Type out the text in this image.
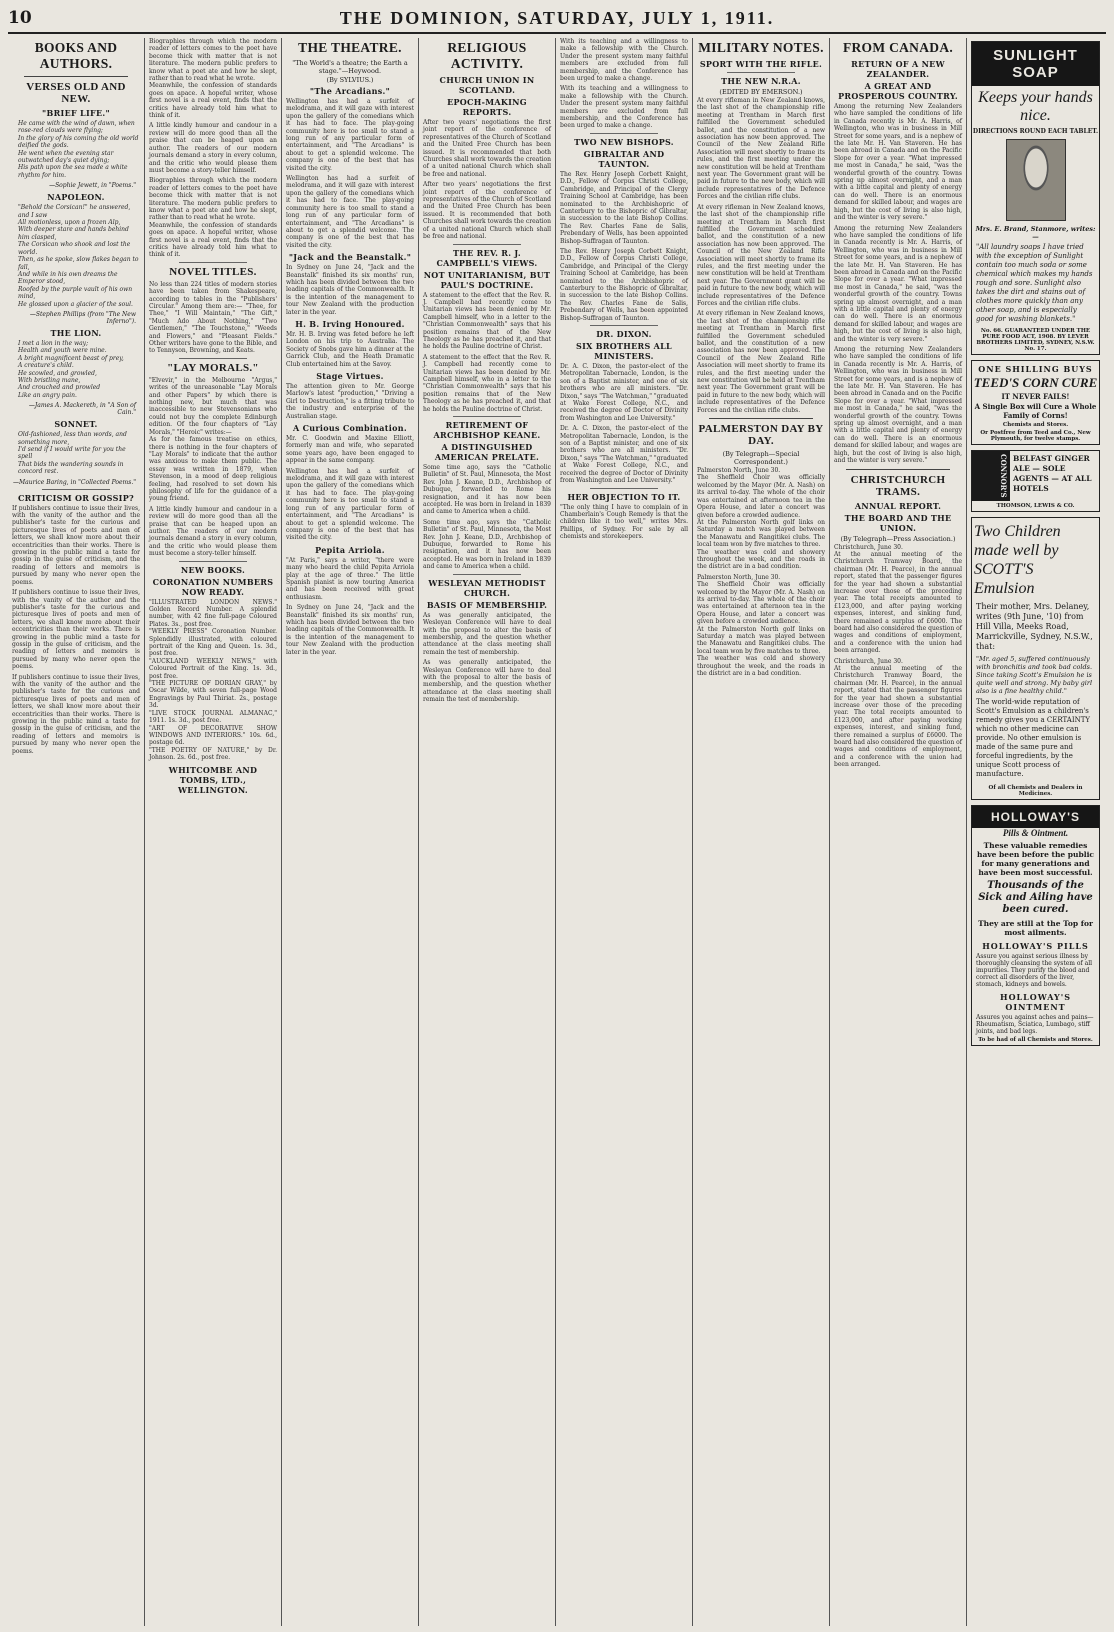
10	THE DOMINION, SATURDAY, JULY 1, 1911.
BOOKS AND AUTHORS.
VERSES OLD AND NEW.
"BRIEF LIFE."
He came with the wind of dawn, when rose-red clouds were flying;
In the glory of his coming the old world deified the gods.
He went when the evening star outwatched day's quiet dying;
His path upon the sea made a white rhythm for him.
—Sophie Jewett, in "Poems."
NAPOLEON.
"Behold the Corsican!" he answered, and I saw
All motionless, upon a frozen Alp,
With deeper stare and hands behind him clasped,
The Corsican who shook and lost the world.
Then, as he spoke, slow flakes began to fall,
And while in his own dreams the Emperor stood,
Roofed by the purple vault of his own mind,
He glossed upon a glacier of the soul.
—Stephen Phillips (from "The New Inferno").
THE LION.
I met a lion in the way;
Health and youth were mine.
A bright magnificent beast of prey,
A creature's child.
He scowled, and growled,
With bristling mane,
And crouched and prowled
Like an angry pain.
—James A. Mackereth, in "A Son of Cain."
SONNET.
Old-fashioned, less than words, and something more,
I'd send if I would write for you the spell
That bids the wandering sounds in concord rest.
—Maurice Baring, in "Collected Poems."
CRITICISM OR GOSSIP?
If publishers continue to issue their lives, with the vanity of the author and the publisher's taste for the curious and picturesque lives of poets and men of letters, we shall know more about their eccentricities than their works. There is growing in the public mind a taste for gossip in the guise of criticism, and the reading of letters and memoirs is pursued by many who never open the poems.
If publishers continue to issue their lives, with the vanity of the author and the publisher's taste for the curious and picturesque lives of poets and men of letters, we shall know more about their eccentricities than their works. There is growing in the public mind a taste for gossip in the guise of criticism, and the reading of letters and memoirs is pursued by many who never open the poems.
If publishers continue to issue their lives, with the vanity of the author and the publisher's taste for the curious and picturesque lives of poets and men of letters, we shall know more about their eccentricities than their works. There is growing in the public mind a taste for gossip in the guise of criticism, and the reading of letters and memoirs is pursued by many who never open the poems.
Biographies through which the modern reader of letters comes to the poet have become thick with matter that is not literature. The modern public prefers to know what a poet ate and how he slept, rather than to read what he wrote.
Meanwhile, the confession of standards goes on apace. A hopeful writer, whose first novel is a real event, finds that the critics have already told him what to think of it.
A little kindly humour and candour in a review will do more good than all the praise that can be heaped upon an author. The readers of our modern journals demand a story in every column, and the critic who would please them must become a story-teller himself.
Biographies through which the modern reader of letters comes to the poet have become thick with matter that is not literature. The modern public prefers to know what a poet ate and how he slept, rather than to read what he wrote.
Meanwhile, the confession of standards goes on apace. A hopeful writer, whose first novel is a real event, finds that the critics have already told him what to think of it.
NOVEL TITLES.
No less than 224 titles of modern stories have been taken from Shakespeare, according to tables in the "Publishers' Circular." Among them are:— "Thee, for Thee," "I Will Maintain," "The Gift," "Much Ado About Nothing," "Two Gentlemen," "The Touchstone," "Weeds and Flowers," and "Pleasant Fields." Other writers have gone to the Bible, and to Tennyson, Browning, and Keats.
"LAY MORALS."
"Elvevir," in the Melbourne "Argus," writes of the unreasonable "Lay Morals and other Papers" by which there is nothing new, but much that was inaccessible to new Stevensonians who could not buy the complete Edinburgh edition. Of the four chapters of "Lay Morals," "Heroic" writes:—
As for the famous treatise on ethics, there is nothing in the four chapters of "Lay Morals" to indicate that the author was anxious to make them public. The essay was written in 1879, when Stevenson, in a mood of deep religious feeling, had resolved to set down his philosophy of life for the guidance of a young friend.
A little kindly humour and candour in a review will do more good than all the praise that can be heaped upon an author. The readers of our modern journals demand a story in every column, and the critic who would please them must become a story-teller himself.
NEW BOOKS.
CORONATION NUMBERS NOW READY.
"ILLUSTRATED LONDON NEWS." Golden Record Number. A splendid number, with 42 fine full-page Coloured Plates. 3s., post free.
"WEEKLY PRESS" Coronation Number. Splendidly illustrated, with coloured portrait of the King and Queen. 1s. 3d., post free.
"AUCKLAND WEEKLY NEWS," with Coloured Portrait of the King. 1s. 3d., post free.
"THE PICTURE OF DORIAN GRAY," by Oscar Wilde, with seven full-page Wood Engravings by Paul Thiriat. 2s., postage 3d.
"LIVE STOCK JOURNAL ALMANAC," 1911. 1s. 3d., post free.
"ART OF DECORATIVE SHOW WINDOWS AND INTERIORS." 10s. 6d., postage 6d.
"THE POETRY OF NATURE," by Dr. Johnson. 2s. 6d., post free.
WHITCOMBE AND TOMBS, LTD., WELLINGTON.
THE THEATRE.
"The World's a theatre; the Earth a stage."—Heywood.
(By SYLVIUS.)
"The Arcadians."
Wellington has had a surfeit of melodrama, and it will gaze with interest upon the gallery of the comedians which it has had to face. The play-going community here is too small to stand a long run of any particular form of entertainment, and "The Arcadians" is about to get a splendid welcome. The company is one of the best that has visited the city.
Wellington has had a surfeit of melodrama, and it will gaze with interest upon the gallery of the comedians which it has had to face. The play-going community here is too small to stand a long run of any particular form of entertainment, and "The Arcadians" is about to get a splendid welcome. The company is one of the best that has visited the city.
"Jack and the Beanstalk."
In Sydney on June 24, "Jack and the Beanstalk" finished its six months' run, which has been divided between the two leading capitals of the Commonwealth. It is the intention of the management to tour New Zealand with the production later in the year.
H. B. Irving Honoured.
Mr. H. B. Irving was feted before he left London on his trip to Australia. The Society of Snobs gave him a dinner at the Garrick Club, and the Heath Dramatic Club entertained him at the Savoy.
Stage Virtues.
The attention given to Mr. George Marlow's latest "production," "Driving a Girl to Destruction," is a fitting tribute to the industry and enterprise of the Australian stage.
A Curious Combination.
Mr. C. Goodwin and Maxine Elliott, formerly man and wife, who separated some years ago, have been engaged to appear in the same company.
Wellington has had a surfeit of melodrama, and it will gaze with interest upon the gallery of the comedians which it has had to face. The play-going community here is too small to stand a long run of any particular form of entertainment, and "The Arcadians" is about to get a splendid welcome. The company is one of the best that has visited the city.
Pepita Arriola.
"At Paris," says a writer, "there were many who heard the child Pepita Arriola play at the age of three." The little Spanish pianist is now touring America and has been received with great enthusiasm.
In Sydney on June 24, "Jack and the Beanstalk" finished its six months' run, which has been divided between the two leading capitals of the Commonwealth. It is the intention of the management to tour New Zealand with the production later in the year.
RELIGIOUS ACTIVITY.
CHURCH UNION IN SCOTLAND.
EPOCH-MAKING REPORTS.
After two years' negotiations the first joint report of the conference of representatives of the Church of Scotland and the United Free Church has been issued. It is recommended that both Churches shall work towards the creation of a united national Church which shall be free and national.
After two years' negotiations the first joint report of the conference of representatives of the Church of Scotland and the United Free Church has been issued. It is recommended that both Churches shall work towards the creation of a united national Church which shall be free and national.
THE REV. R. J. CAMPBELL'S VIEWS.
NOT UNITARIANISM, BUT PAUL'S DOCTRINE.
A statement to the effect that the Rev. R. J. Campbell had recently come to Unitarian views has been denied by Mr. Campbell himself, who in a letter to the "Christian Commonwealth" says that his position remains that of the New Theology as he has preached it, and that he holds the Pauline doctrine of Christ.
A statement to the effect that the Rev. R. J. Campbell had recently come to Unitarian views has been denied by Mr. Campbell himself, who in a letter to the "Christian Commonwealth" says that his position remains that of the New Theology as he has preached it, and that he holds the Pauline doctrine of Christ.
RETIREMENT OF ARCHBISHOP KEANE.
A DISTINGUISHED AMERICAN PRELATE.
Some time ago, says the "Catholic Bulletin" of St. Paul, Minnesota, the Most Rev. John J. Keane, D.D., Archbishop of Dubuque, forwarded to Rome his resignation, and it has now been accepted. He was born in Ireland in 1839 and came to America when a child.
Some time ago, says the "Catholic Bulletin" of St. Paul, Minnesota, the Most Rev. John J. Keane, D.D., Archbishop of Dubuque, forwarded to Rome his resignation, and it has now been accepted. He was born in Ireland in 1839 and came to America when a child.
WESLEYAN METHODIST CHURCH.
BASIS OF MEMBERSHIP.
As was generally anticipated, the Wesleyan Conference will have to deal with the proposal to alter the basis of membership, and the question whether attendance at the class meeting shall remain the test of membership.
As was generally anticipated, the Wesleyan Conference will have to deal with the proposal to alter the basis of membership, and the question whether attendance at the class meeting shall remain the test of membership.
With its teaching and a willingness to make a fellowship with the Church. Under the present system many faithful members are excluded from full membership, and the Conference has been urged to make a change.
With its teaching and a willingness to make a fellowship with the Church. Under the present system many faithful members are excluded from full membership, and the Conference has been urged to make a change.
TWO NEW BISHOPS.
GIBRALTAR AND TAUNTON.
The Rev. Henry Joseph Corbett Knight, D.D., Fellow of Corpus Christi College, Cambridge, and Principal of the Clergy Training School at Cambridge, has been nominated to the Archbishopric of Canterbury to the Bishopric of Gibraltar, in succession to the late Bishop Collins. The Rev. Charles Fane de Salis, Prebendary of Wells, has been appointed Bishop-Suffragan of Taunton.
The Rev. Henry Joseph Corbett Knight, D.D., Fellow of Corpus Christi College, Cambridge, and Principal of the Clergy Training School at Cambridge, has been nominated to the Archbishopric of Canterbury to the Bishopric of Gibraltar, in succession to the late Bishop Collins. The Rev. Charles Fane de Salis, Prebendary of Wells, has been appointed Bishop-Suffragan of Taunton.
DR. DIXON.
SIX BROTHERS ALL MINISTERS.
Dr. A. C. Dixon, the pastor-elect of the Metropolitan Tabernacle, London, is the son of a Baptist minister, and one of six brothers who are all ministers. "Dr. Dixon," says "The Watchman," "graduated at Wake Forest College, N.C., and received the degree of Doctor of Divinity from Washington and Lee University."
Dr. A. C. Dixon, the pastor-elect of the Metropolitan Tabernacle, London, is the son of a Baptist minister, and one of six brothers who are all ministers. "Dr. Dixon," says "The Watchman," "graduated at Wake Forest College, N.C., and received the degree of Doctor of Divinity from Washington and Lee University."
HER OBJECTION TO IT.
"The only thing I have to complain of in Chamberlain's Cough Remedy is that the children like it too well," writes Mrs. Phillips, of Sydney. For sale by all chemists and storekeepers.
MILITARY NOTES.
SPORT WITH THE RIFLE.
THE NEW N.R.A.
(EDITED BY EMERSON.)
At every rifleman in New Zealand knows, the last shot of the championship rifle meeting at Trentham in March first fulfilled the Government scheduled ballot, and the constitution of a new association has now been approved. The Council of the New Zealand Rifle Association will meet shortly to frame its rules, and the first meeting under the new constitution will be held at Trentham next year. The Government grant will be paid in future to the new body, which will include representatives of the Defence Forces and the civilian rifle clubs.
At every rifleman in New Zealand knows, the last shot of the championship rifle meeting at Trentham in March first fulfilled the Government scheduled ballot, and the constitution of a new association has now been approved. The Council of the New Zealand Rifle Association will meet shortly to frame its rules, and the first meeting under the new constitution will be held at Trentham next year. The Government grant will be paid in future to the new body, which will include representatives of the Defence Forces and the civilian rifle clubs.
At every rifleman in New Zealand knows, the last shot of the championship rifle meeting at Trentham in March first fulfilled the Government scheduled ballot, and the constitution of a new association has now been approved. The Council of the New Zealand Rifle Association will meet shortly to frame its rules, and the first meeting under the new constitution will be held at Trentham next year. The Government grant will be paid in future to the new body, which will include representatives of the Defence Forces and the civilian rifle clubs.
PALMERSTON DAY BY DAY.
(By Telegraph—Special Correspondent.)
Palmerston North, June 30.
The Sheffield Choir was officially welcomed by the Mayor (Mr. A. Nash) on its arrival to-day. The whole of the choir was entertained at afternoon tea in the Opera House, and later a concert was given before a crowded audience.
At the Palmerston North golf links on Saturday a match was played between the Manawatu and Rangitikei clubs. The local team won by five matches to three.
The weather was cold and showery throughout the week, and the roads in the district are in a bad condition.
Palmerston North, June 30.
The Sheffield Choir was officially welcomed by the Mayor (Mr. A. Nash) on its arrival to-day. The whole of the choir was entertained at afternoon tea in the Opera House, and later a concert was given before a crowded audience.
At the Palmerston North golf links on Saturday a match was played between the Manawatu and Rangitikei clubs. The local team won by five matches to three.
The weather was cold and showery throughout the week, and the roads in the district are in a bad condition.
FROM CANADA.
RETURN OF A NEW ZEALANDER.
A GREAT AND PROSPEROUS COUNTRY.
Among the returning New Zealanders who have sampled the conditions of life in Canada recently is Mr. A. Harris, of Wellington, who was in business in Mill Street for some years, and is a nephew of the late Mr. H. Van Staveren. He has been abroad in Canada and on the Pacific Slope for over a year. "What impressed me most in Canada," he said, "was the wonderful growth of the country. Towns spring up almost overnight, and a man with a little capital and plenty of energy can do well. There is an enormous demand for skilled labour, and wages are high, but the cost of living is also high, and the winter is very severe."
Among the returning New Zealanders who have sampled the conditions of life in Canada recently is Mr. A. Harris, of Wellington, who was in business in Mill Street for some years, and is a nephew of the late Mr. H. Van Staveren. He has been abroad in Canada and on the Pacific Slope for over a year. "What impressed me most in Canada," he said, "was the wonderful growth of the country. Towns spring up almost overnight, and a man with a little capital and plenty of energy can do well. There is an enormous demand for skilled labour, and wages are high, but the cost of living is also high, and the winter is very severe."
Among the returning New Zealanders who have sampled the conditions of life in Canada recently is Mr. A. Harris, of Wellington, who was in business in Mill Street for some years, and is a nephew of the late Mr. H. Van Staveren. He has been abroad in Canada and on the Pacific Slope for over a year. "What impressed me most in Canada," he said, "was the wonderful growth of the country. Towns spring up almost overnight, and a man with a little capital and plenty of energy can do well. There is an enormous demand for skilled labour, and wages are high, but the cost of living is also high, and the winter is very severe."
CHRISTCHURCH TRAMS.
ANNUAL REPORT.
THE BOARD AND THE UNION.
(By Telegraph—Press Association.)
Christchurch, June 30.
At the annual meeting of the Christchurch Tramway Board, the chairman (Mr. H. Pearce), in the annual report, stated that the passenger figures for the year had shown a substantial increase over those of the preceding year. The total receipts amounted to £123,000, and after paying working expenses, interest, and sinking fund, there remained a surplus of £6000. The board had also considered the question of wages and conditions of employment, and a conference with the union had been arranged.
Christchurch, June 30.
At the annual meeting of the Christchurch Tramway Board, the chairman (Mr. H. Pearce), in the annual report, stated that the passenger figures for the year had shown a substantial increase over those of the preceding year. The total receipts amounted to £123,000, and after paying working expenses, interest, and sinking fund, there remained a surplus of £6000. The board had also considered the question of wages and conditions of employment, and a conference with the union had been arranged.
SUNLIGHT SOAP
Keeps your hands nice.
DIRECTIONS ROUND EACH TABLET.
Mrs. E. Brand, Stanmore, writes:—
"All laundry soaps I have tried with the exception of Sunlight contain too much soda or some chemical which makes my hands rough and sore. Sunlight also takes the dirt and stains out of clothes more quickly than any other soap, and is especially good for washing blankets."
No. 66. GUARANTEED UNDER THE PURE FOOD ACT, 1908. BY LEVER BROTHERS LIMITED, SYDNEY, N.S.W. No. 17.
ONE SHILLING BUYS
TEED'S CORN CURE
IT NEVER FAILS!
A Single Box will Cure a Whole Family of Corns!
Chemists and Stores.
Or Postfree from Teed and Co., New Plymouth, for twelve stamps.
CONNOR'S BELFAST GINGER ALE — SOLE AGENTS — AT ALL HOTELS
THOMSON, LEWIS & CO.
Two Children made well by SCOTT'S Emulsion
Their mother, Mrs. Delaney, writes (9th June, '10) from Hill Villa, Meeks Road, Marrickville, Sydney, N.S.W., that:
"Mr. aged 5, suffered continuously with bronchitis and took bad colds. Since taking Scott's Emulsion he is quite well and strong. My baby girl also is a fine healthy child."
The world-wide reputation of Scott's Emulsion as a children's remedy gives you a CERTAINTY which no other medicine can provide. No other emulsion is made of the same pure and forceful ingredients, by the unique Scott process of manufacture.
Of all Chemists and Dealers in Medicines.
HOLLOWAY'S
Pills & Ointment.
These valuable remedies have been before the public for many generations and have been most successful.
Thousands of the Sick and Ailing have been cured.
They are still at the Top for most ailments.
HOLLOWAY'S PILLS
Assure you against serious illness by thoroughly cleansing the system of all impurities. They purify the blood and correct all disorders of the liver, stomach, kidneys and bowels.
HOLLOWAY'S OINTMENT
Assures you against aches and pains—Rheumatism, Sciatica, Lumbago, stiff joints, and bad legs.
To be had of all Chemists and Stores.
